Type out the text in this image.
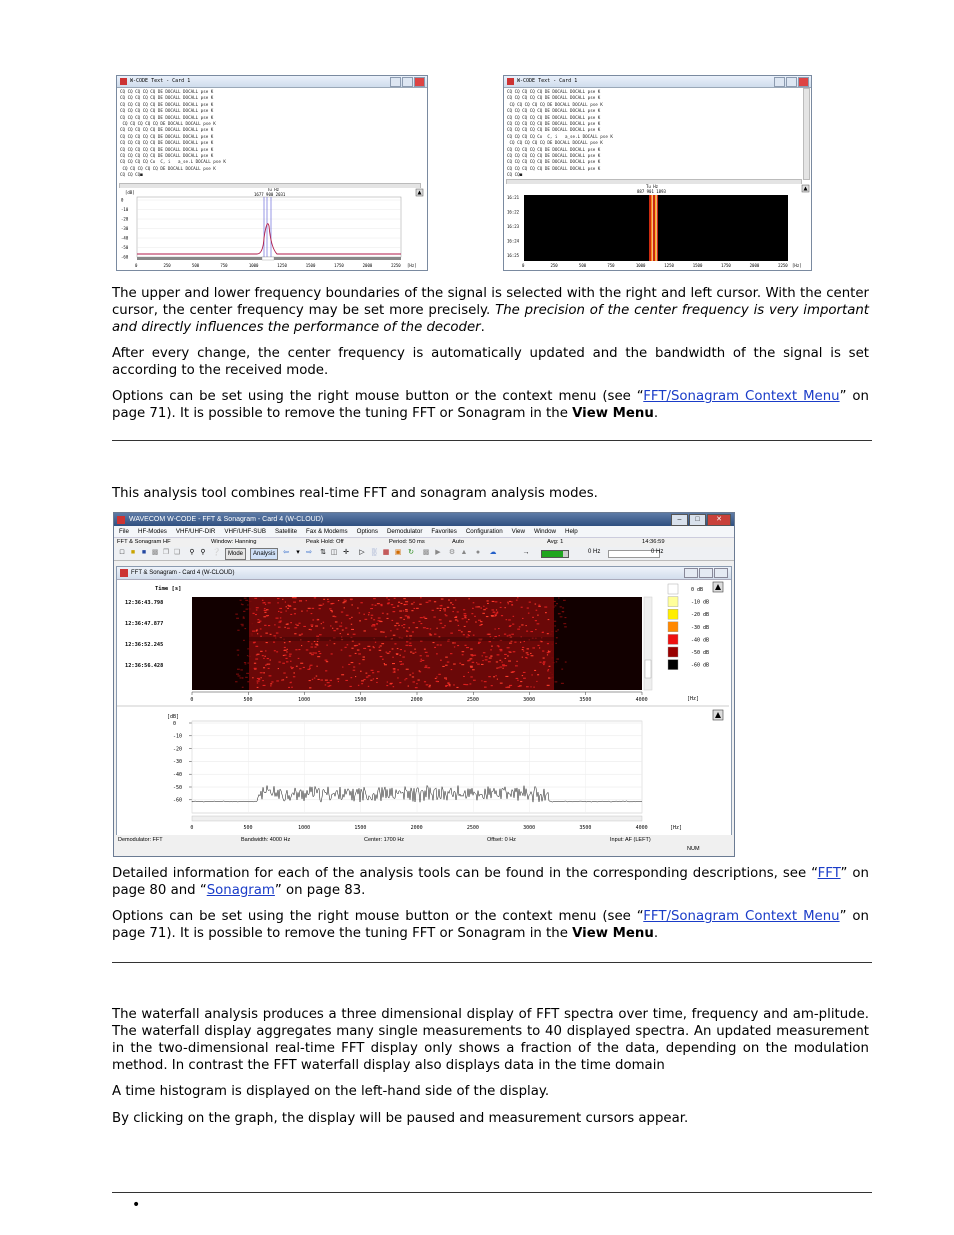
W-CODE Text - Card 1
CQ CQ CQ CQ CQ DE DOCALL DOCALL pse K
CQ CQ CQ CQ CQ DE DOCALL DOCALL pse K
CQ CQ CQ CQ CQ DE DOCALL DOCALL pse K
CQ CQ CQ CQ CQ DE DOCALL DOCALL pse K
CQ CQ CQ CQ CQ DE DOCALL DOCALL pse K
CQ CQ CQ CQ CQ DE DOCALL DOCALL pse K
CQ CQ CQ CQ CQ DE DOCALL DOCALL pse K
CQ CQ CQ CQ CQ DE DOCALL DOCALL pse K
CQ CQ CQ CQ CQ DE DOCALL DOCALL pse K
CQ CQ CQ CQ CQ DE DOCALL DOCALL pse K
CQ CQ CQ CQ CQ DE DOCALL DOCALL pse K
CQ CQ CQ CQ Co  C, i   a_se.L DOCALL pse K
CQ CQ CQ CQ CQ DE DOCALL DOCALL pse K
CQ CQ CQ■
Tu Hz
1677 900 2031
[dB]
0
-10
-20
-30
-40
-50
-60
0	250	500	750	1000	1250	1500	1750	2000	2250 [Hz]
W-CODE Text - Card 1
CQ CQ CQ CQ CQ DE DOCALL DOCALL pse K
CQ CQ CQ CQ CQ DE DOCALL DOCALL pse K
CQ CQ CQ CQ CQ DE DOCALL DOCALL pse K
CQ CQ CQ CQ CQ DE DOCALL DOCALL pse K
CQ CQ CQ CQ CQ DE DOCALL DOCALL pse K
CQ CQ CQ CQ CQ DE DOCALL DOCALL pse K
CQ CQ CQ CQ CQ DE DOCALL DOCALL pse K
CQ CQ CQ CQ Co  C, i   a_se.L DOCALL pse K
CQ CQ CQ CQ CQ DE DOCALL DOCALL pse K
CQ CQ CQ CQ CQ DE DOCALL DOCALL pse K
CQ CQ CQ CQ CQ DE DOCALL DOCALL pse K
CQ CQ CQ CQ CQ DE DOCALL DOCALL pse K
CQ CQ CQ CQ CQ DE DOCALL DOCALL pse K
CQ CQ■
Tu Hz
887 901 1893
16:21
16:22
16:23
16:24
16:25
0	250	500	750	1000	1250	1500	1750	2000	2250 [Hz]

The upper and lower frequency boundaries of the signal is selected with the right and left cursor. With the center cursor, the center frequency may be set more precisely. The precision of the center frequency is very important and directly influences the performance of the decoder.

After every change, the center frequency is automatically updated and the bandwidth of the signal is set according to the received mode.

Options can be set using the right mouse button or the context menu (see “FFT/Sonagram Context Menu” on page 71). It is possible to remove the tuning FFT or Sonagram in the View Menu.

This analysis tool combines real-time FFT and sonagram analysis modes.

WAVECOM W-CODE - FFT & Sonagram - Card 4 (W-CLOUD)	–	□	✕
File HF-Modes VHF/UHF-DIR VHF/UHF-SUB Satellite Fax & Modems Options Demodulator Favorites Configuration View Window Help
FFT & Sonagram HF	Window: Hanning	Peak Hold: Off	Period: 50 ms	Auto	Avg: 1	14:36:59
□ ■ ■ ▩ ❐ ❏ ⚲ ⚲ ❔	Mode	Analysis	⇦	▾ ⇨ ⇅ ◫ ✛ ▷ ░ ▦ ▣ ↻ ▩ ▶ ⚙ ▲ ● ☁	→	0 Hz	0 Hz
FFT & Sonagram - Card 4 (W-CLOUD)
Time [s]
12:36:43.798
12:36:47.877
12:36:52.245
12:36:56.428
0	500	1000	1500	2000	2500	3000	3500	4000	[Hz]
0 dB
-10 dB
-20 dB
-30 dB
-40 dB
-50 dB
-60 dB
[dB]
0
-10
-20
-30
-40
-50
-60
0	500	1000	1500	2000	2500	3000	3500	4000	[Hz]
Demodulator: FFT	Bandwidth: 4000 Hz	Center: 1700 Hz	Offset: 0 Hz	Input: AF (LEFT)
NUM

Detailed information for each of the analysis tools can be found in the corresponding descriptions, see “FFT” on page 80 and “Sonagram” on page 83.

Options can be set using the right mouse button or the context menu (see “FFT/Sonagram Context Menu” on page 71). It is possible to remove the tuning FFT or Sonagram in the View Menu.

The waterfall analysis produces a three dimensional display of FFT spectra over time, frequency and am-plitude. The waterfall display aggregates many single measurements to 40 displayed spectra. An updated measurement in the two-dimensional real-time FFT display only shows a fraction of the data, depending on the modulation method. In contrast the FFT waterfall display also displays data in the time domain

A time histogram is displayed on the left-hand side of the display.

By clicking on the graph, the display will be paused and measurement cursors appear.

•
